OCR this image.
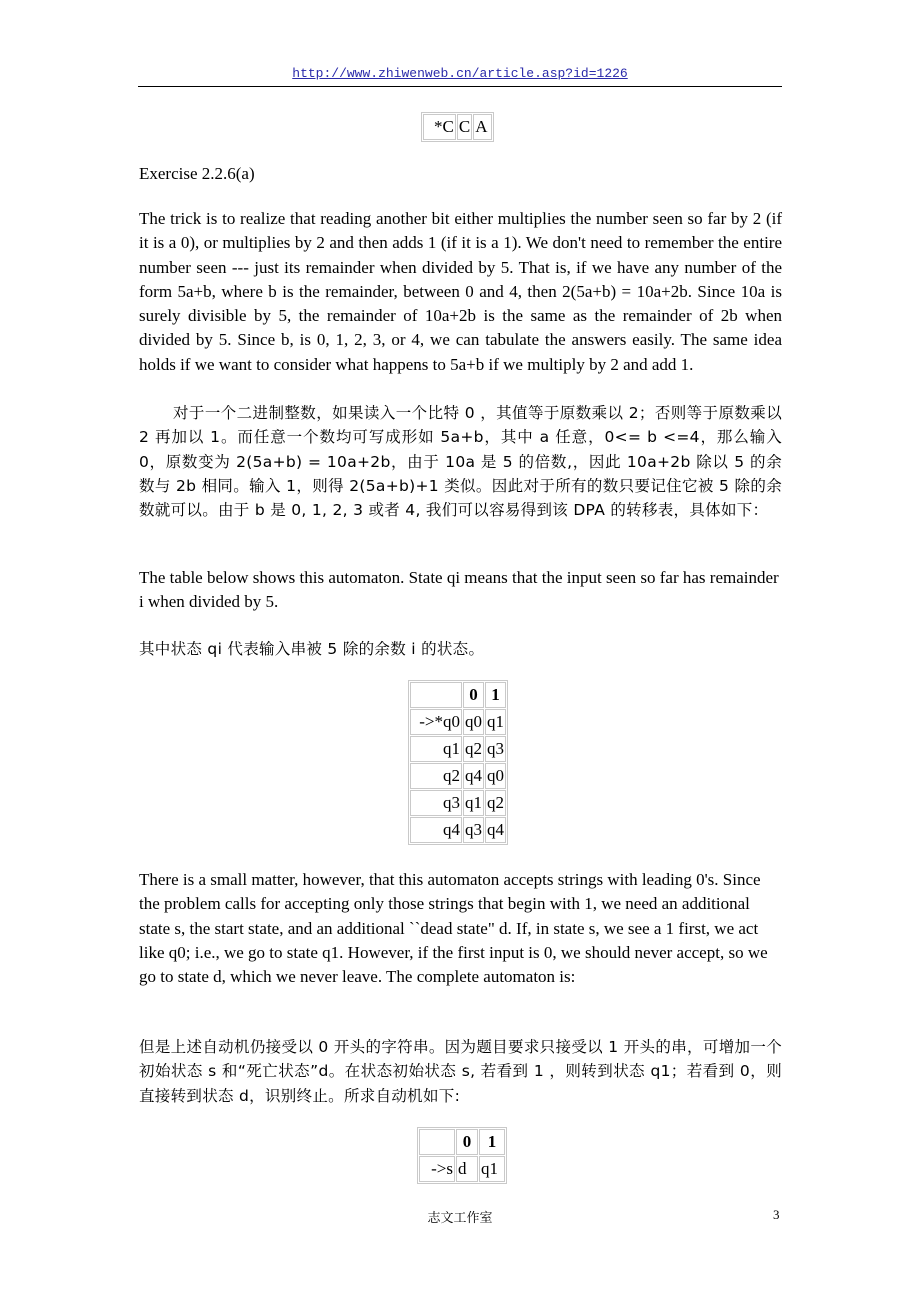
http://www.zhiwenweb.cn/article.asp?id=1226
*C	C	A

Exercise 2.2.6(a)

The trick is to realize that reading another bit either multiplies the number seen so far by 2 (if it is a 0), or multiplies by 2 and then adds 1 (if it is a 1). We don't need to remember the entire number seen --- just its remainder when divided by 5. That is, if we have any number of the form 5a+b, where b is the remainder, between 0 and 4, then 2(5a+b) = 10a+2b. Since 10a is surely divisible by 5, the remainder of 10a+2b is the same as the remainder of 2b when divided by 5. Since b, is 0, 1, 2, 3, or 4, we can tabulate the answers easily. The same idea holds if we want to consider what happens to 5a+b if we multiply by 2 and add 1.

对于一个二进制整数，如果读入一个比特 0 ，其值等于原数乘以 2；否则等于原数乘以 2 再加以 1。而任意一个数均可写成形如 5a+b，其中 a 任意，0<= b <=4，那么输入 0，原数变为 2(5a+b) = 10a+2b，由于 10a 是 5 的倍数,，因此 10a+2b 除以 5 的余数与 2b 相同。输入 1，则得 2(5a+b)+1 类似。因此对于所有的数只要记住它被 5 除的余数就可以。由于 b 是 0, 1, 2, 3 或者 4, 我们可以容易得到该 DPA 的转移表，具体如下：

The table below shows this automaton. State qi means that the input seen so far has remainder i when divided by 5.

其中状态 qi 代表输入串被 5 除的余数 i 的状态。

There is a small matter, however, that this automaton accepts strings with leading 0's. Since the problem calls for accepting only those strings that begin with 1, we need an additional state s, the start state, and an additional ``dead state" d. If, in state s, we see a 1 first, we act like q0; i.e., we go to state q1. However, if the first input is 0, we should never accept, so we go to state d, which we never leave. The complete automaton is:

但是上述自动机仍接受以 0 开头的字符串。因为题目要求只接受以 1 开头的串，可增加一个初始状态 s 和“死亡状态”d。在状态初始状态 s, 若看到 1 ，则转到状态 q1；若看到 0，则直接转到状态 d，识别终止。所求自动机如下:

	0	1
->*q0	q0	q1
q1	q2	q3
q2	q4	q0
q3	q1	q2
q4	q3	q4
	0	1
->s	d	q1
志文工作室	3
